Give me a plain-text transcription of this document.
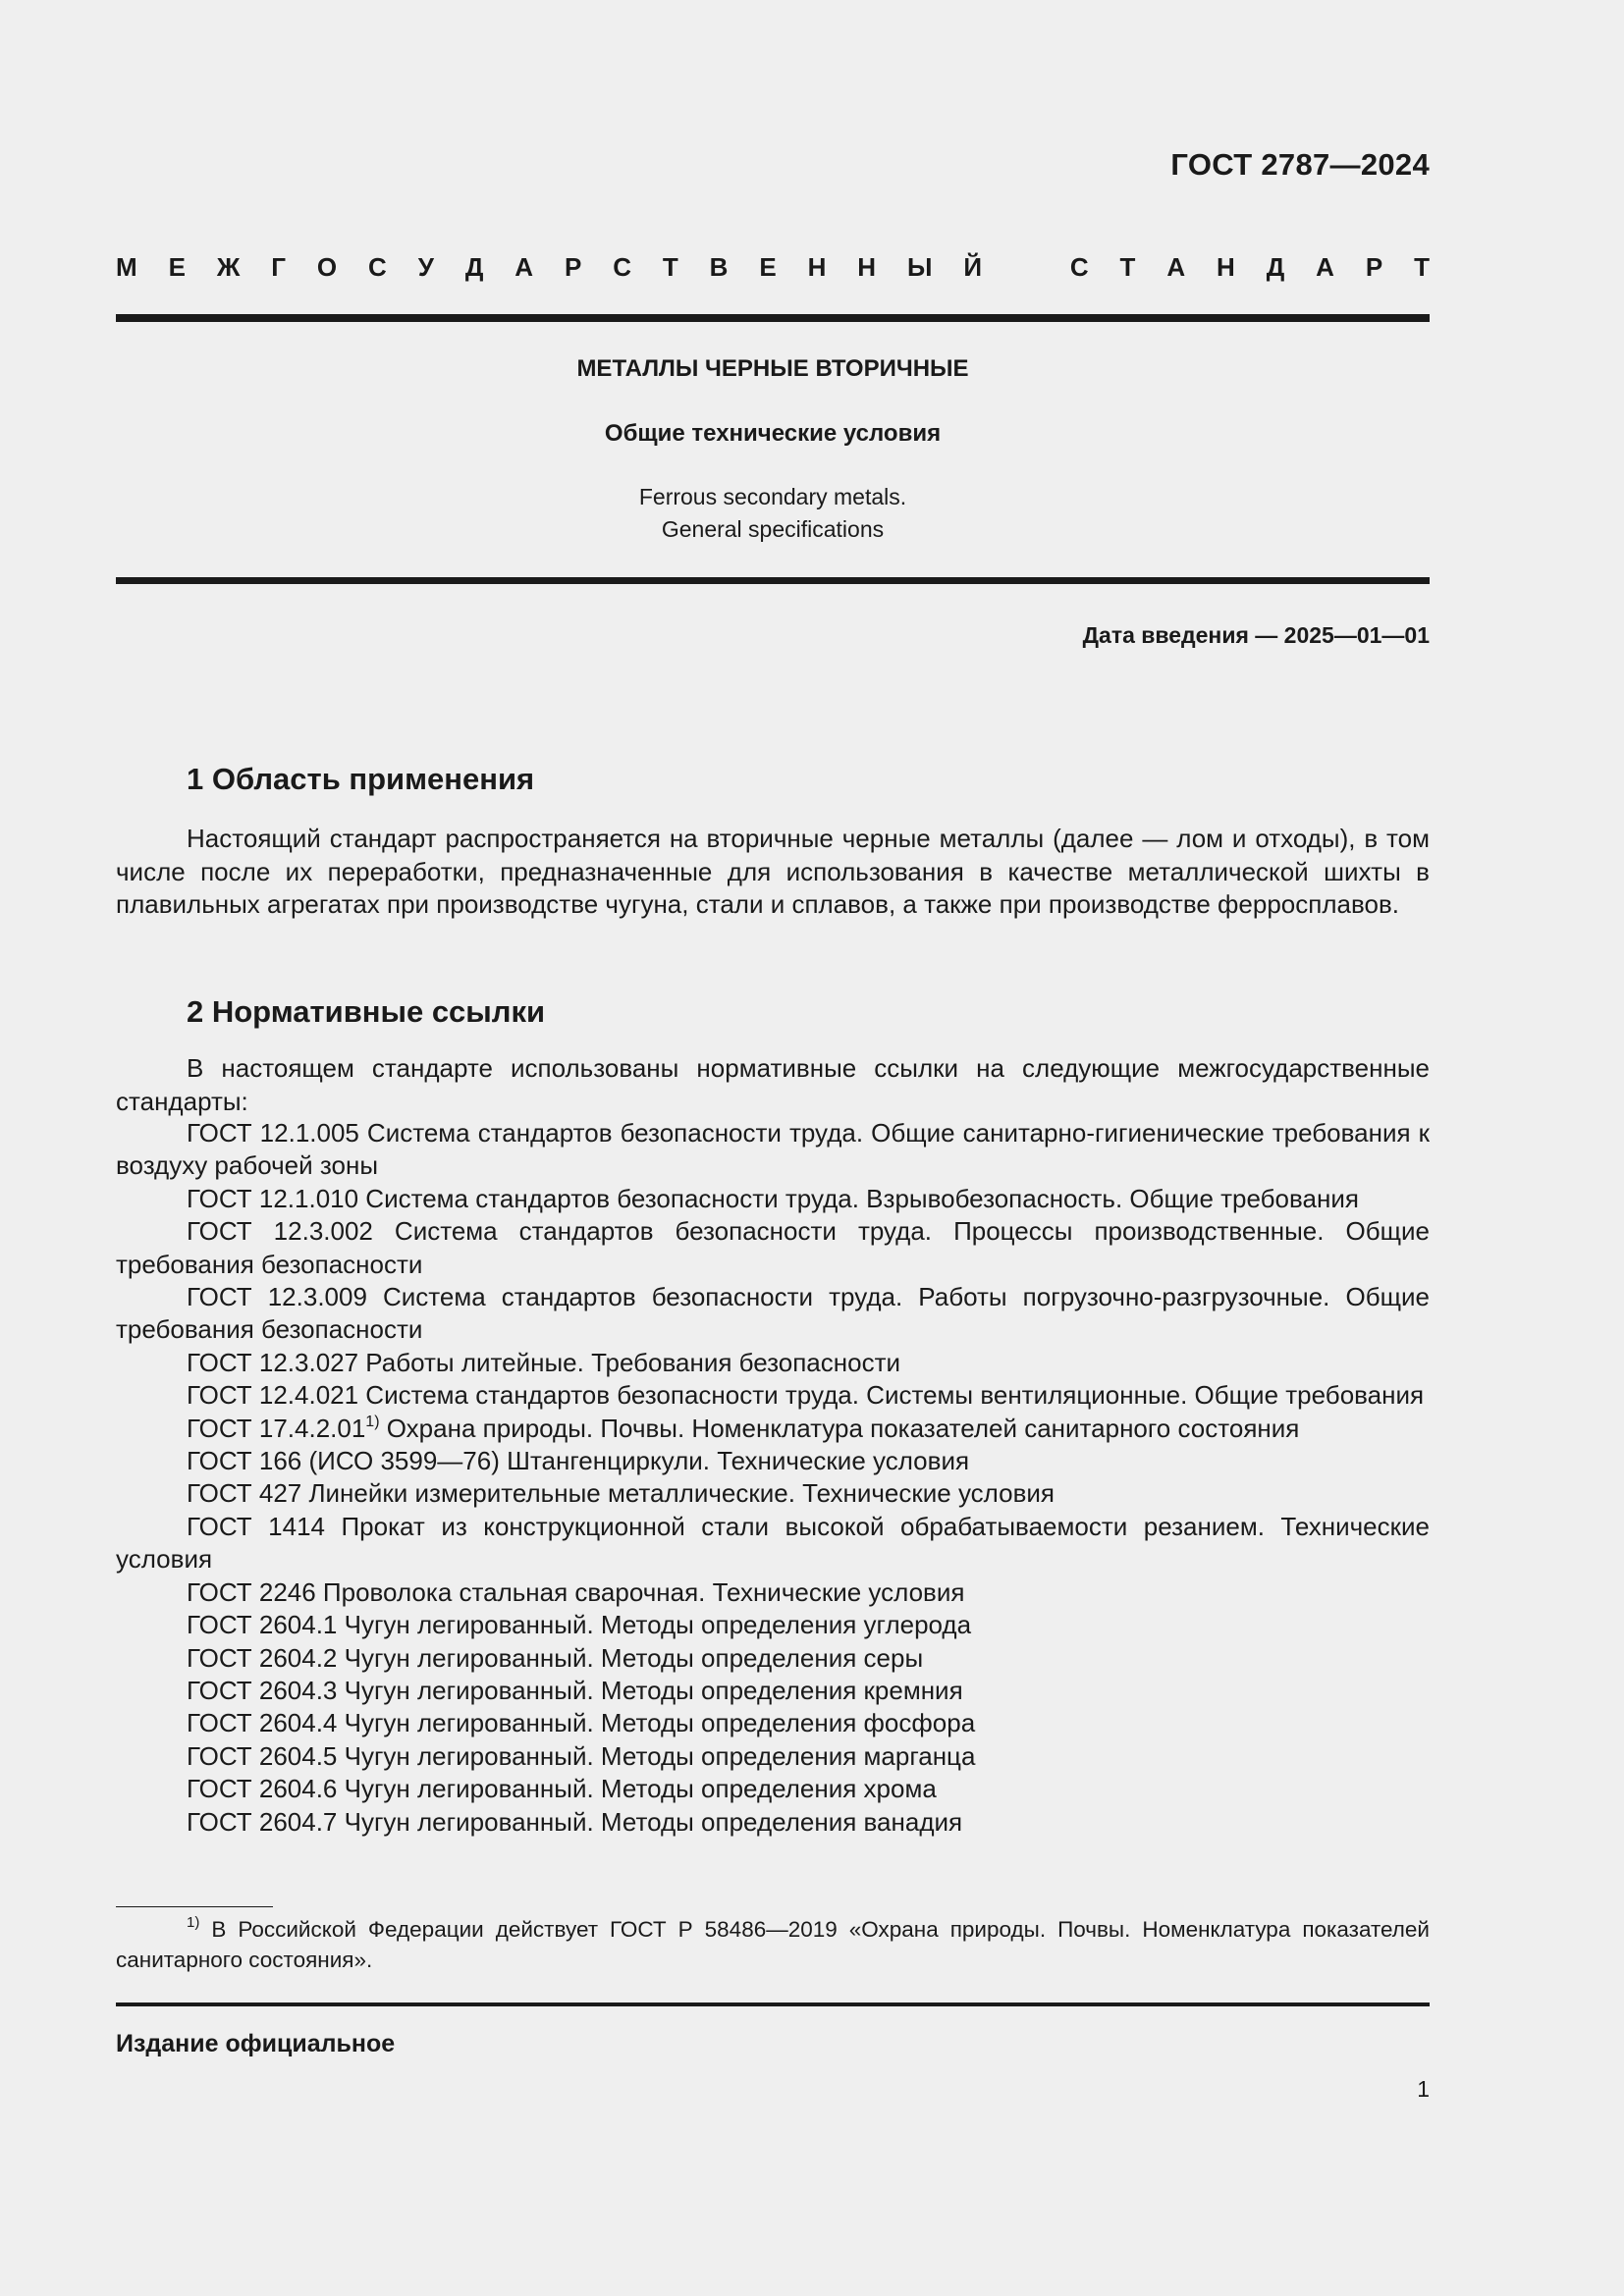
ГОСТ 2787—2024
М Е Ж Г О С У Д А Р С Т В Е Н Н Ы Й	С Т А Н Д А Р Т
МЕТАЛЛЫ ЧЕРНЫЕ ВТОРИЧНЫЕ
Общие технические условия
Ferrous secondary metals.
General specifications
Дата введения — 2025—01—01
1 Область применения
Настоящий стандарт распространяется на вторичные черные металлы (далее — лом и отходы), в том числе после их переработки, предназначенные для использования в качестве металлической шихты в плавильных агрегатах при производстве чугуна, стали и сплавов, а также при производстве ферросплавов.
2 Нормативные ссылки
В настоящем стандарте использованы нормативные ссылки на следующие межгосударственные стандарты:
ГОСТ 12.1.005 Система стандартов безопасности труда. Общие санитарно-гигиенические требования к воздуху рабочей зоны
ГОСТ 12.1.010 Система стандартов безопасности труда. Взрывобезопасность. Общие требования
ГОСТ 12.3.002 Система стандартов безопасности труда. Процессы производственные. Общие требования безопасности
ГОСТ 12.3.009 Система стандартов безопасности труда. Работы погрузочно-разгрузочные. Общие требования безопасности
ГОСТ 12.3.027 Работы литейные. Требования безопасности
ГОСТ 12.4.021 Система стандартов безопасности труда. Системы вентиляционные. Общие требования
ГОСТ 17.4.2.01$^{1)}$ Охрана природы. Почвы. Номенклатура показателей санитарного состояния
ГОСТ 166 (ИСО 3599—76) Штангенциркули. Технические условия
ГОСТ 427 Линейки измерительные металлические. Технические условия
ГОСТ 1414 Прокат из конструкционной стали высокой обрабатываемости резанием. Технические условия
ГОСТ 2246 Проволока стальная сварочная. Технические условия
ГОСТ 2604.1 Чугун легированный. Методы определения углерода
ГОСТ 2604.2 Чугун легированный. Методы определения серы
ГОСТ 2604.3 Чугун легированный. Методы определения кремния
ГОСТ 2604.4 Чугун легированный. Методы определения фосфора
ГОСТ 2604.5 Чугун легированный. Методы определения марганца
ГОСТ 2604.6 Чугун легированный. Методы определения хрома
ГОСТ 2604.7 Чугун легированный. Методы определения ванадия
$^{1)}$ В Российской Федерации действует ГОСТ Р 58486—2019 «Охрана природы. Почвы. Номенклатура показателей санитарного состояния».
Издание официальное
1
